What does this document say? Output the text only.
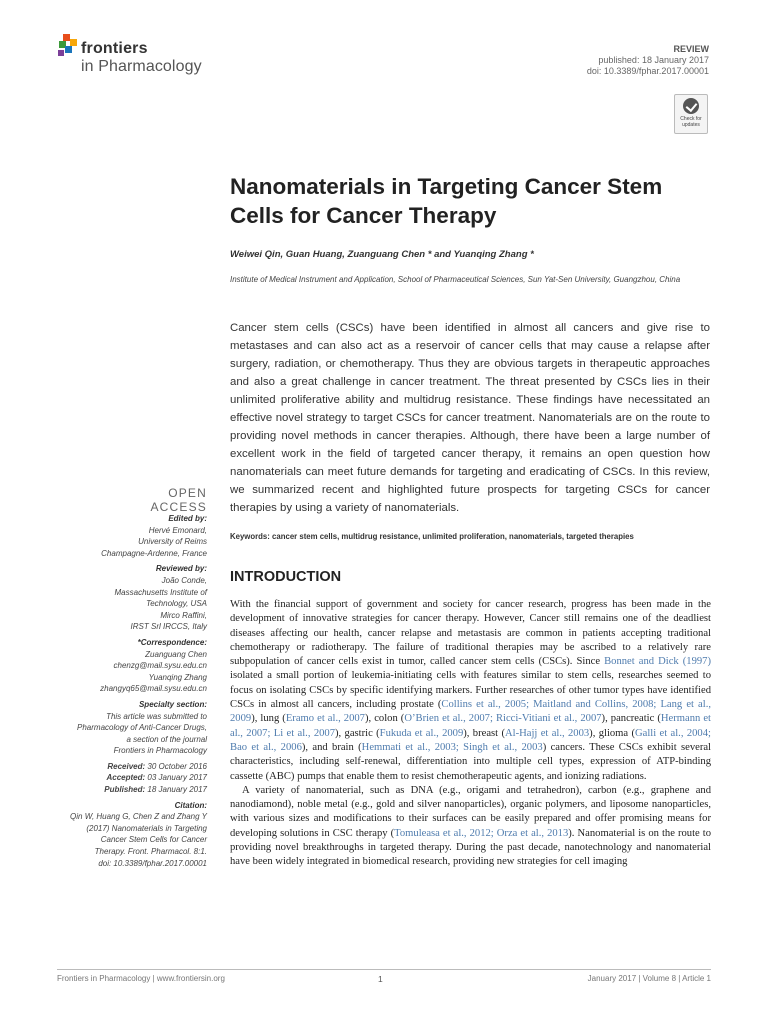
frontiers
in Pharmacology
REVIEW
published: 18 January 2017
doi: 10.3389/fphar.2017.00001
Check for updates
Nanomaterials in Targeting Cancer Stem Cells for Cancer Therapy
Weiwei Qin, Guan Huang, Zuanguang Chen * and Yuanqing Zhang *
Institute of Medical Instrument and Application, School of Pharmaceutical Sciences, Sun Yat-Sen University, Guangzhou, China
Cancer stem cells (CSCs) have been identified in almost all cancers and give rise to metastases and can also act as a reservoir of cancer cells that may cause a relapse after surgery, radiation, or chemotherapy. Thus they are obvious targets in therapeutic approaches and also a great challenge in cancer treatment. The threat presented by CSCs lies in their unlimited proliferative ability and multidrug resistance. These findings have necessitated an effective novel strategy to target CSCs for cancer treatment. Nanomaterials are on the route to providing novel methods in cancer therapies. Although, there have been a large number of excellent work in the field of targeted cancer therapy, it remains an open question how nanomaterials can meet future demands for targeting and eradicating of CSCs. In this review, we summarized recent and highlighted future prospects for targeting CSCs for cancer therapies by using a variety of nanomaterials.
Keywords: cancer stem cells, multidrug resistance, unlimited proliferation, nanomaterials, targeted therapies
INTRODUCTION

With the financial support of government and society for cancer research, progress has been made in the development of innovative strategies for cancer therapy. However, Cancer still remains one of the deadliest diseases affecting our health, cancer relapse and metastasis are common in patients accepting traditional chemotherapy or radiotherapy. The failure of traditional therapies may be ascribed to a relatively rare subpopulation of cancer cells exist in tumor, called cancer stem cells (CSCs). Since Bonnet and Dick (1997) isolated a small portion of leukemia-initiating cells with features similar to stem cells, researches seemed to focus on isolating CSCs by specific identifying markers. Further researches of other tumor types have identified CSCs in almost all cancers, including prostate (Collins et al., 2005; Maitland and Collins, 2008; Lang et al., 2009), lung (Eramo et al., 2007), colon (O’Brien et al., 2007; Ricci-Vitiani et al., 2007), pancreatic (Hermann et al., 2007; Li et al., 2007), gastric (Fukuda et al., 2009), breast (Al-Hajj et al., 2003), glioma (Galli et al., 2004; Bao et al., 2006), and brain (Hemmati et al., 2003; Singh et al., 2003) cancers. These CSCs exhibit several characteristics, including self-renewal, differentiation into multiple cell types, expression of ATP-binding cassette (ABC) pumps that enable them to resist chemotherapeutic agents, and ionizing radiations.

A variety of nanomaterial, such as DNA (e.g., origami and tetrahedron), carbon (e.g., graphene and nanodiamond), noble metal (e.g., gold and silver nanoparticles), organic polymers, and liposome nanoparticles, with various sizes and modifications to their surfaces can be easily prepared and offer promising means for developing solutions in CSC therapy (Tomuleasa et al., 2012; Orza et al., 2013). Nanomaterial is on the route to providing novel breakthroughs in targeted therapy. During the past decade, nanotechnology and nanomaterial have been widely integrated in biomedical research, providing new strategies for cell imaging

OPEN ACCESS
Edited by:
Hervé Emonard,
University of Reims
Champagne-Ardenne, France
Reviewed by:
João Conde,
Massachusetts Institute of
Technology, USA
Mirco Raffini,
IRST Srl IRCCS, Italy
*Correspondence:
Zuanguang Chen
chenzg@mail.sysu.edu.cn
Yuanqing Zhang
zhangyq65@mail.sysu.edu.cn
Specialty section:
This article was submitted to
Pharmacology of Anti-Cancer Drugs,
a section of the journal
Frontiers in Pharmacology
Received: 30 October 2016
Accepted: 03 January 2017
Published: 18 January 2017
Citation:
Qin W, Huang G, Chen Z and Zhang Y
(2017) Nanomaterials in Targeting
Cancer Stem Cells for Cancer
Therapy. Front. Pharmacol. 8:1.
doi: 10.3389/fphar.2017.00001
Frontiers in Pharmacology | www.frontiersin.org	1	January 2017 | Volume 8 | Article 1
